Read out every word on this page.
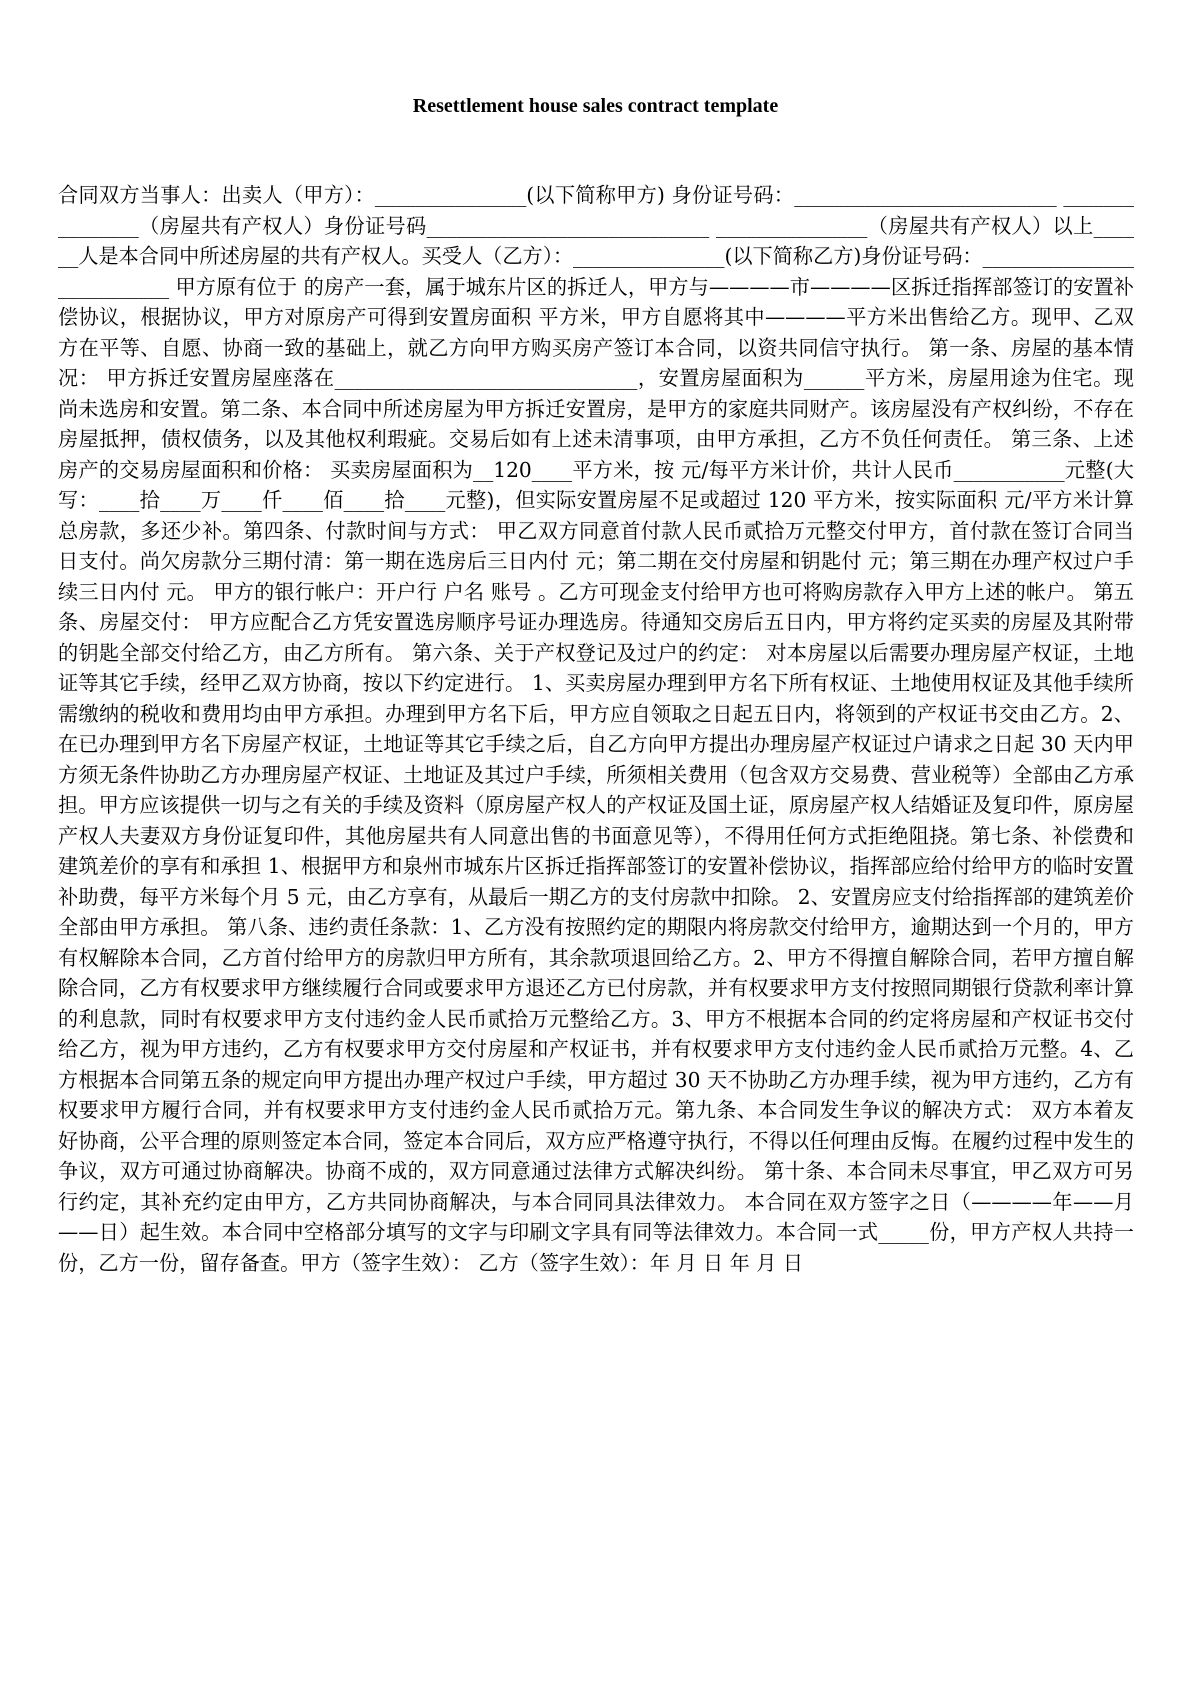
Resettlement house sales contract template

合同双方当事人：出卖人（甲方）：_______________(以下简称甲方) 身份证号码：__________________________ _______________（房屋共有产权人）身份证号码____________________________ _______________（房屋共有产权人）以上______人是本合同中所述房屋的共有产权人。买受人（乙方）：_______________(以下简称乙方)身份证号码：__________________________ 甲方原有位于 的房产一套，属于城东片区的拆迁人，甲方与————市————区拆迁指挥部签订的安置补偿协议，根据协议，甲方对原房产可得到安置房面积 平方米，甲方自愿将其中————平方米出售给乙方。现甲、乙双方在平等、自愿、协商一致的基础上，就乙方向甲方购买房产签订本合同，以资共同信守执行。 第一条、房屋的基本情况： 甲方拆迁安置房屋座落在______________________________，安置房屋面积为______平方米，房屋用途为住宅。现尚未选房和安置。第二条、本合同中所述房屋为甲方拆迁安置房，是甲方的家庭共同财产。该房屋没有产权纠纷，不存在房屋抵押，债权债务，以及其他权利瑕疵。交易后如有上述未清事项，由甲方承担，乙方不负任何责任。 第三条、上述房产的交易房屋面积和价格： 买卖房屋面积为__120____平方米，按 元/每平方米计价，共计人民币___________元整(大写：____拾____万____仟____佰____拾____元整)，但实际安置房屋不足或超过 120 平方米，按实际面积 元/平方米计算总房款，多还少补。第四条、付款时间与方式： 甲乙双方同意首付款人民币贰拾万元整交付甲方，首付款在签订合同当日支付。尚欠房款分三期付清：第一期在选房后三日内付 元；第二期在交付房屋和钥匙付 元；第三期在办理产权过户手续三日内付 元。 甲方的银行帐户：开户行 户名 账号 。乙方可现金支付给甲方也可将购房款存入甲方上述的帐户。 第五条、房屋交付： 甲方应配合乙方凭安置选房顺序号证办理选房。待通知交房后五日内，甲方将约定买卖的房屋及其附带的钥匙全部交付给乙方，由乙方所有。 第六条、关于产权登记及过户的约定： 对本房屋以后需要办理房屋产权证，土地证等其它手续，经甲乙双方协商，按以下约定进行。 1、买卖房屋办理到甲方名下所有权证、土地使用权证及其他手续所需缴纳的税收和费用均由甲方承担。办理到甲方名下后，甲方应自领取之日起五日内，将领到的产权证书交由乙方。2、在已办理到甲方名下房屋产权证，土地证等其它手续之后，自乙方向甲方提出办理房屋产权证过户请求之日起 30 天内甲方须无条件协助乙方办理房屋产权证、土地证及其过户手续，所须相关费用（包含双方交易费、营业税等）全部由乙方承担。甲方应该提供一切与之有关的手续及资料（原房屋产权人的产权证及国土证，原房屋产权人结婚证及复印件，原房屋产权人夫妻双方身份证复印件，其他房屋共有人同意出售的书面意见等），不得用任何方式拒绝阻挠。第七条、补偿费和建筑差价的享有和承担 1、根据甲方和泉州市城东片区拆迁指挥部签订的安置补偿协议，指挥部应给付给甲方的临时安置补助费，每平方米每个月 5 元，由乙方享有，从最后一期乙方的支付房款中扣除。 2、安置房应支付给指挥部的建筑差价全部由甲方承担。 第八条、违约责任条款：1、乙方没有按照约定的期限内将房款交付给甲方，逾期达到一个月的，甲方有权解除本合同，乙方首付给甲方的房款归甲方所有，其余款项退回给乙方。2、甲方不得擅自解除合同，若甲方擅自解除合同，乙方有权要求甲方继续履行合同或要求甲方退还乙方已付房款，并有权要求甲方支付按照同期银行贷款利率计算的利息款，同时有权要求甲方支付违约金人民币贰拾万元整给乙方。3、甲方不根据本合同的约定将房屋和产权证书交付给乙方，视为甲方违约，乙方有权要求甲方交付房屋和产权证书，并有权要求甲方支付违约金人民币贰拾万元整。4、乙方根据本合同第五条的规定向甲方提出办理产权过户手续，甲方超过 30 天不协助乙方办理手续，视为甲方违约，乙方有权要求甲方履行合同，并有权要求甲方支付违约金人民币贰拾万元。第九条、本合同发生争议的解决方式： 双方本着友好协商，公平合理的原则签定本合同，签定本合同后，双方应严格遵守执行，不得以任何理由反悔。在履约过程中发生的争议，双方可通过协商解决。协商不成的，双方同意通过法律方式解决纠纷。 第十条、本合同未尽事宜，甲乙双方可另行约定，其补充约定由甲方，乙方共同协商解决，与本合同同具法律效力。 本合同在双方签字之日（————年——月——日）起生效。本合同中空格部分填写的文字与印刷文字具有同等法律效力。本合同一式_____份，甲方产权人共持一份，乙方一份，留存备查。甲方（签字生效）： 乙方（签字生效）：年 月 日 年 月 日
